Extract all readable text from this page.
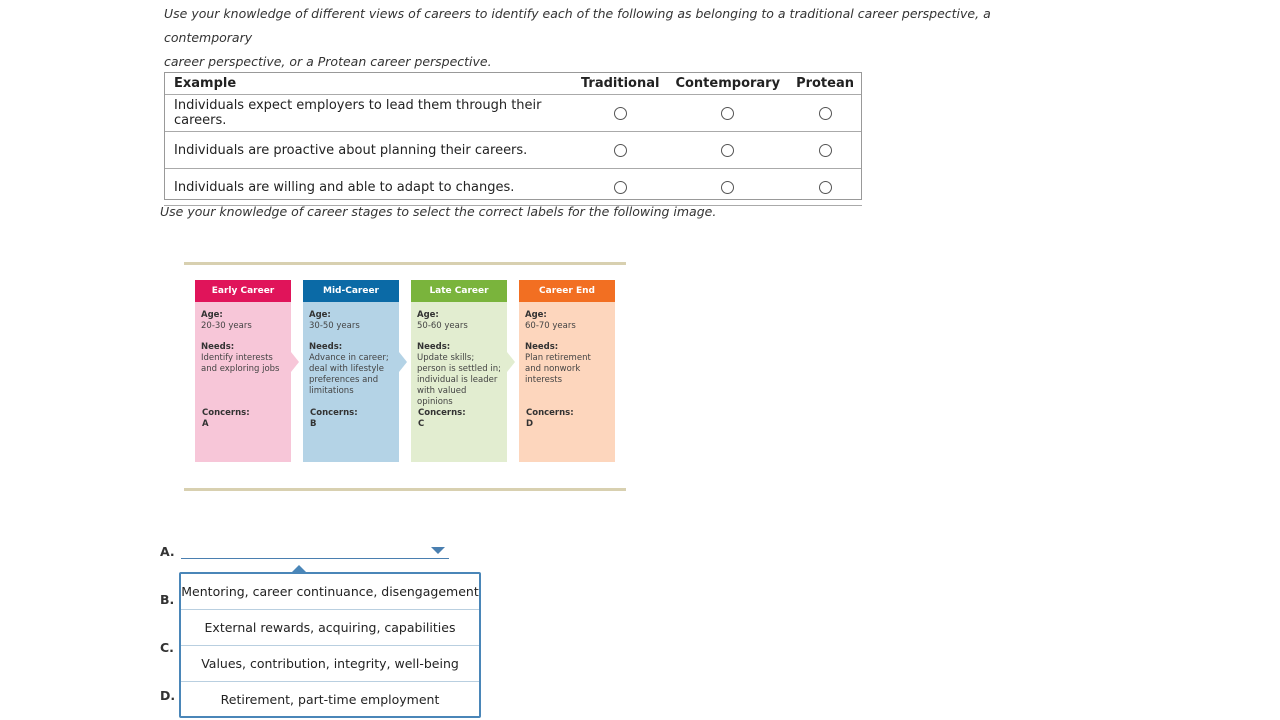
Use your knowledge of different views of careers to identify each of the following as belonging to a traditional career perspective, a contemporary
career perspective, or a Protean career perspective.
Example	Traditional	Contemporary	Protean
Individuals expect employers to lead them through their careers.			
Individuals are proactive about planning their careers.			
Individuals are willing and able to adapt to changes.			
Use your knowledge of career stages to select the correct labels for the following image.
Early Career
Age:
20-30 years
Needs:
Identify interests and exploring jobs
Concerns:
A
Mid-Career
Age:
30-50 years
Needs:
Advance in career; deal with lifestyle preferences and limitations
Concerns:
B
Late Career
Age:
50-60 years
Needs:
Update skills; person is settled in; individual is leader with valued opinions
Concerns:
C
Career End
Age:
60-70 years
Needs:
Plan retirement and nonwork interests
Concerns:
D
A.
B.
C.
D.
Mentoring, career continuance, disengagement
External rewards, acquiring, capabilities
Values, contribution, integrity, well-being
Retirement, part-time employment
